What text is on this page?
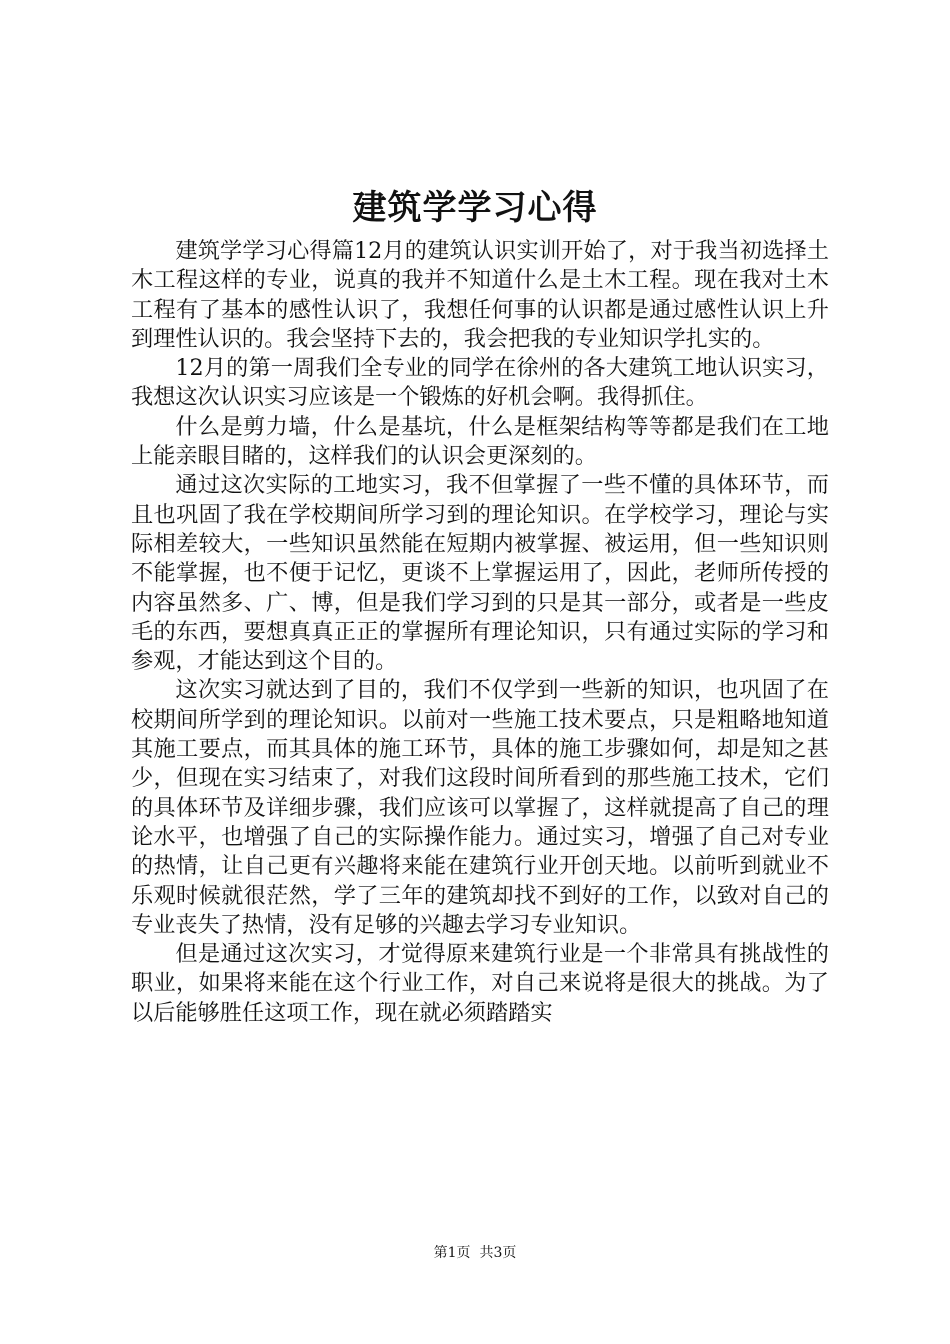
建筑学学习心得

建筑学学习心得篇12月的建筑认识实训开始了，对于我当初选择土木工程这样的专业，说真的我并不知道什么是土木工程。现在我对土木工程有了基本的感性认识了，我想任何事的认识都是通过感性认识上升到理性认识的。我会坚持下去的，我会把我的专业知识学扎实的。

12月的第一周我们全专业的同学在徐州的各大建筑工地认识实习，我想这次认识实习应该是一个锻炼的好机会啊。我得抓住。

什么是剪力墙，什么是基坑，什么是框架结构等等都是我们在工地上能亲眼目睹的，这样我们的认识会更深刻的。

通过这次实际的工地实习，我不但掌握了一些不懂的具体环节，而且也巩固了我在学校期间所学习到的理论知识。在学校学习，理论与实际相差较大，一些知识虽然能在短期内被掌握、被运用，但一些知识则不能掌握，也不便于记忆，更谈不上掌握运用了，因此，老师所传授的内容虽然多、广、博，但是我们学习到的只是其一部分，或者是一些皮毛的东西，要想真真正正的掌握所有理论知识，只有通过实际的学习和参观，才能达到这个目的。

这次实习就达到了目的，我们不仅学到一些新的知识，也巩固了在校期间所学到的理论知识。以前对一些施工技术要点，只是粗略地知道其施工要点，而其具体的施工环节，具体的施工步骤如何，却是知之甚少，但现在实习结束了，对我们这段时间所看到的那些施工技术，它们的具体环节及详细步骤，我们应该可以掌握了，这样就提高了自己的理论水平，也增强了自己的实际操作能力。通过实习，增强了自己对专业的热情，让自己更有兴趣将来能在建筑行业开创天地。以前听到就业不乐观时候就很茫然，学了三年的建筑却找不到好的工作，以致对自己的专业丧失了热情，没有足够的兴趣去学习专业知识。

但是通过这次实习，才觉得原来建筑行业是一个非常具有挑战性的职业，如果将来能在这个行业工作，对自己来说将是很大的挑战。为了以后能够胜任这项工作，现在就必须踏踏实

第1页 共3页
